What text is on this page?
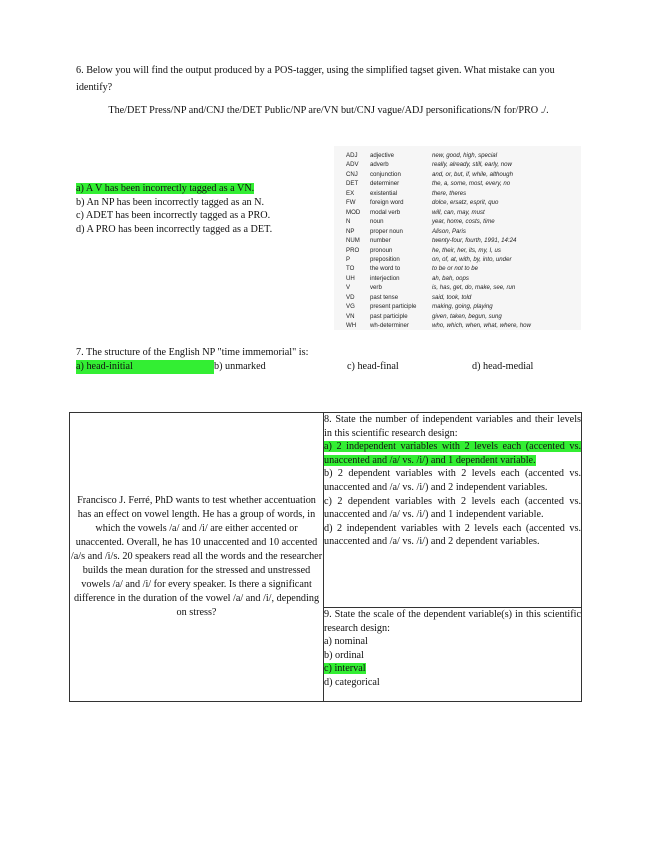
6. Below you will find the output produced by a POS-tagger, using the simplified tagset given. What mistake can you identify?
The/DET Press/NP and/CNJ the/DET Public/NP are/VN but/CNJ vague/ADJ personifications/N for/PRO ./.
a) A V has been incorrectly tagged as a VN.
b) An NP has been incorrectly tagged as an N.
c) ADET has been incorrectly tagged as a PRO.
d) A PRO has been incorrectly tagged as a DET.
ADJ	adjective	new, good, high, special
ADV	adverb	really, already, still, early, now
CNJ	conjunction	and, or, but, if, while, although
DET	determiner	the, a, some, most, every, no
EX	existential	there, theres
FW	foreign word	dolce, ersatz, esprit, quo
MOD	modal verb	will, can, may, must
N	noun	year, home, costs, time
NP	proper noun	Alison, Paris
NUM	number	twenty-four, fourth, 1991, 14:24
PRO	pronoun	he, their, her, its, my, I, us
P	preposition	on, of, at, with, by, into, under
TO	the word to	to be or not to be
UH	interjection	ah, bah, oops
V	verb	is, has, get, do, make, see, run
VD	past tense	said, took, told
VG	present participle	making, going, playing
VN	past participle	given, taken, begun, sung
WH	wh-determiner	who, which, when, what, where, how
7. The structure of the English NP "time immemorial" is:
a) head-initial	b) unmarked	c) head-final	d) head-medial
Francisco J. Ferré, PhD wants to test whether accentuation has an effect on vowel length. He has a group of words, in which the vowels /a/ and /i/ are either accented or unaccented. Overall, he has 10 unaccented and 10 accented /a/s and /i/s. 20 speakers read all the words and the researcher builds the mean duration for the stressed and unstressed vowels /a/ and /i/ for every speaker. Is there a significant difference in the duration of the vowel /a/ and /i/, depending on stress?	
8. State the number of independent variables and their levels in this scientific research design:
a) 2 independent variables with 2 levels each (accented vs. unaccented and /a/ vs. /i/) and 1 dependent variable.
b) 2 dependent variables with 2 levels each (accented vs. unaccented and /a/ vs. /i/) and 2 independent variables.
c) 2 dependent variables with 2 levels each (accented vs. unaccented and /a/ vs. /i/) and 1 independent variable.
d) 2 independent variables with 2 levels each (accented vs. unaccented and /a/ vs. /i/) and 2 dependent variables.

9. State the scale of the dependent variable(s) in this scientific research design:
a) nominal
b) ordinal
c) interval
d) categorical
